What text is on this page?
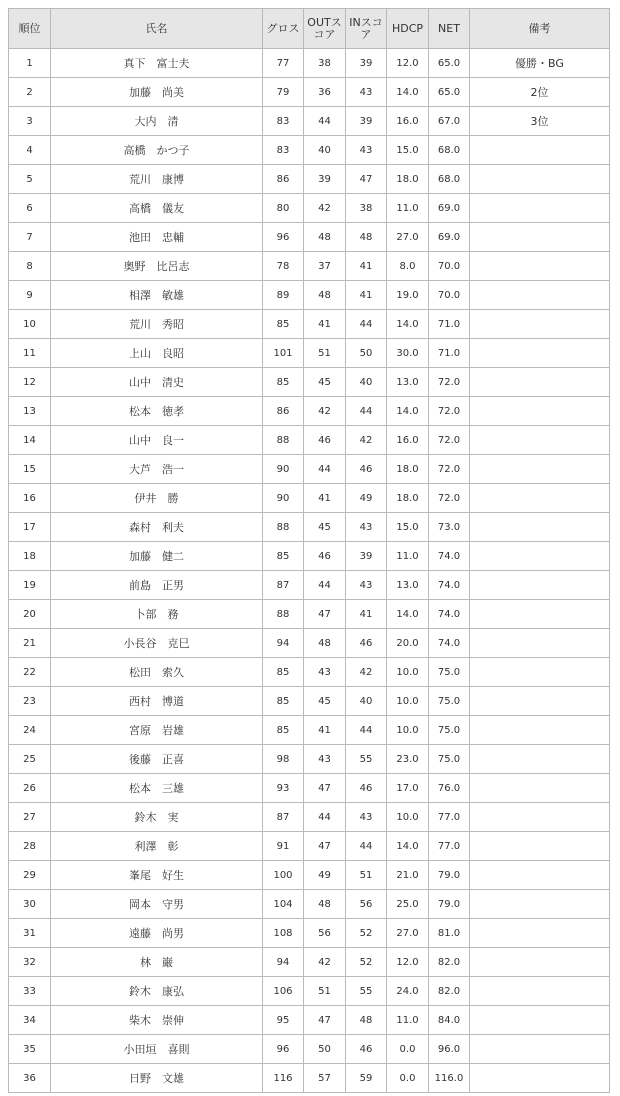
順位	氏名	グロス	OUTスコア	INスコア	HDCP	NET	備考
1	真下　富士夫	77	38	39	12.0	65.0	優勝・BG
2	加藤　尚美	79	36	43	14.0	65.0	2位
3	大内　清	83	44	39	16.0	67.0	3位
4	高橋　かつ子	83	40	43	15.0	68.0	
5	荒川　康博	86	39	47	18.0	68.0	
6	高橋　儀友	80	42	38	11.0	69.0	
7	池田　忠輔	96	48	48	27.0	69.0	
8	奥野　比呂志	78	37	41	8.0	70.0	
9	相澤　敏雄	89	48	41	19.0	70.0	
10	荒川　秀昭	85	41	44	14.0	71.0	
11	上山　良昭	101	51	50	30.0	71.0	
12	山中　清史	85	45	40	13.0	72.0	
13	松本　徳孝	86	42	44	14.0	72.0	
14	山中　良一	88	46	42	16.0	72.0	
15	大芦　浩一	90	44	46	18.0	72.0	
16	伊井　勝	90	41	49	18.0	72.0	
17	森村　利夫	88	45	43	15.0	73.0	
18	加藤　健二	85	46	39	11.0	74.0	
19	前島　正男	87	44	43	13.0	74.0	
20	卜部　務	88	47	41	14.0	74.0	
21	小長谷　克巳	94	48	46	20.0	74.0	
22	松田　索久	85	43	42	10.0	75.0	
23	西村　博道	85	45	40	10.0	75.0	
24	宮原　岩雄	85	41	44	10.0	75.0	
25	後藤　正喜	98	43	55	23.0	75.0	
26	松本　三雄	93	47	46	17.0	76.0	
27	鈴木　実	87	44	43	10.0	77.0	
28	利澤　彰	91	47	44	14.0	77.0	
29	峯尾　好生	100	49	51	21.0	79.0	
30	岡本　守男	104	48	56	25.0	79.0	
31	遠藤　尚男	108	56	52	27.0	81.0	
32	林　巌	94	42	52	12.0	82.0	
33	鈴木　康弘	106	51	55	24.0	82.0	
34	柴木　崇伸	95	47	48	11.0	84.0	
35	小田垣　喜則	96	50	46	0.0	96.0	
36	日野　文雄	116	57	59	0.0	116.0	
